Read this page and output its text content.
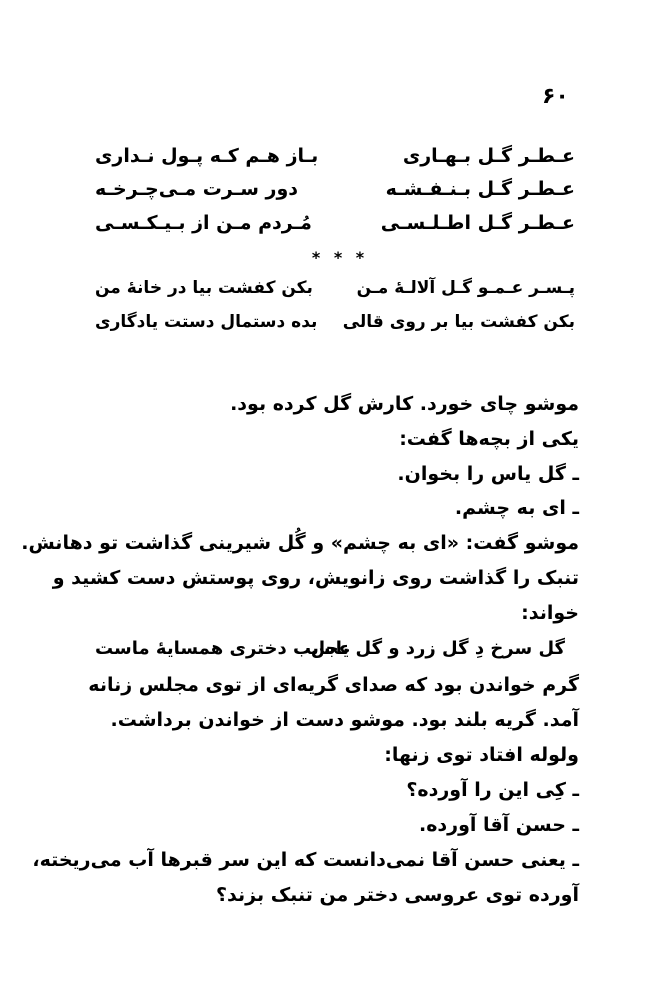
۶۰
عـطـر گـل بـهـاری
بـاز هـم کـه پـول نـداری
عـطـر گـل بـنـفـشـه
دور سـرت مـی‌چـرخـه
عـطـر گـل اطـلـسـی
مُـردم مـن از بـیـکـسـی
* * *
پـسـر عـمـو گـل آلالـهٔ مـن
بکن کفشت بیا در خانهٔ من
بکن کفشت بیا بر روی قالی
بده دستمال دستت یادگاری
موشو چای خورد. کارش گل کرده بود.
یکی از بچه‌ها گفت:
ـ گل یاس را بخوان.
ـ ای به چشم.
موشو گفت: «ای به چشم» و گُل شیرینی گذاشت تو دهانش.
تنبک را گذاشت روی زانویش، روی پوستش دست کشید و
خواند:
گل سرخ دِ گل زرد و گل یاس
عجایب دختری همسایهٔ ماست
گرم خواندن بود که صدای گریه‌ای از توی مجلس زنانه
آمد. گریه بلند بود. موشو دست از خواندن برداشت.
ولوله افتاد توی زنها:
ـ کِی این را آورده؟
ـ حسن آقا آورده.
ـ یعنی حسن آقا نمی‌دانست که این سر قبرها آب می‌ریخته،
آورده توی عروسی دختر من تنبک بزند؟
